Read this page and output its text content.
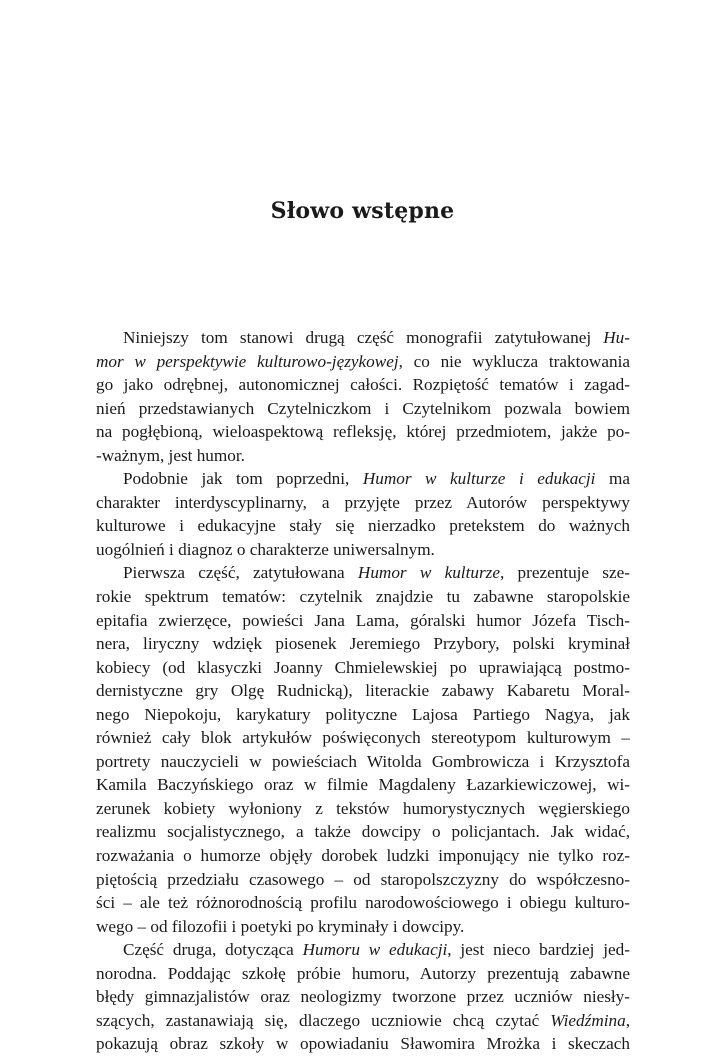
Słowo wstępne
Niniejszy tom stanowi drugą część monografii zatytułowanej Hu-
mor w perspektywie kulturowo-językowej, co nie wyklucza traktowania
go jako odrębnej, autonomicznej całości. Rozpiętość tematów i zagad-
nień przedstawianych Czytelniczkom i Czytelnikom pozwala bowiem
na pogłębioną, wieloaspektową refleksję, której przedmiotem, jakże po-
-ważnym, jest humor.
Podobnie jak tom poprzedni, Humor w kulturze i edukacji ma
charakter interdyscyplinarny, a przyjęte przez Autorów perspektywy
kulturowe i edukacyjne stały się nierzadko pretekstem do ważnych
uogólnień i diagnoz o charakterze uniwersalnym.
Pierwsza część, zatytułowana Humor w kulturze, prezentuje sze-
rokie spektrum tematów: czytelnik znajdzie tu zabawne staropolskie
epitafia zwierzęce, powieści Jana Lama, góralski humor Józefa Tisch-
nera, liryczny wdzięk piosenek Jeremiego Przybory, polski kryminał
kobiecy (od klasyczki Joanny Chmielewskiej po uprawiającą postmo-
dernistyczne gry Olgę Rudnicką), literackie zabawy Kabaretu Moral-
nego Niepokoju, karykatury polityczne Lajosa Partiego Nagya, jak
również cały blok artykułów poświęconych stereotypom kulturowym –
portrety nauczycieli w powieściach Witolda Gombrowicza i Krzysztofa
Kamila Baczyńskiego oraz w filmie Magdaleny Łazarkiewiczowej, wi-
zerunek kobiety wyłoniony z tekstów humorystycznych węgierskiego
realizmu socjalistycznego, a także dowcipy o policjantach. Jak widać,
rozważania o humorze objęły dorobek ludzki imponujący nie tylko roz-
piętością przedziału czasowego – od staropolszczyzny do współczesno-
ści – ale też różnorodnością profilu narodowościowego i obiegu kulturo-
wego – od filozofii i poetyki po kryminały i dowcipy.
Część druga, dotycząca Humoru w edukacji, jest nieco bardziej jed-
norodna. Poddając szkołę próbie humoru, Autorzy prezentują zabawne
błędy gimnazjalistów oraz neologizmy tworzone przez uczniów niesły-
szących, zastanawiają się, dlaczego uczniowie chcą czytać Wiedźmina,
pokazują obraz szkoły w opowiadaniu Sławomira Mrożka i skeczach
